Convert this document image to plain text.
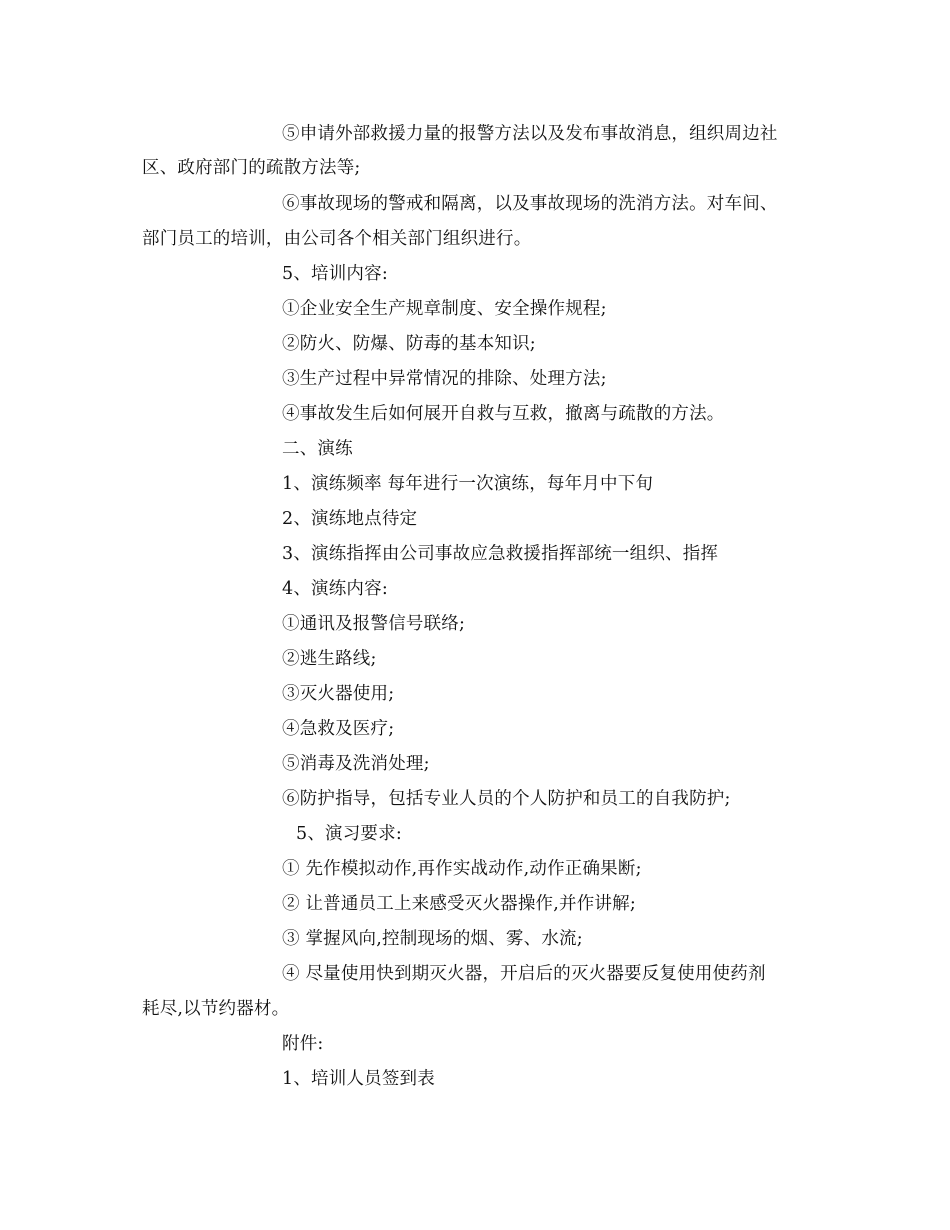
⑤申请外部救援力量的报警方法以及发布事故消息，组织周边社
区、政府部门的疏散方法等;
⑥事故现场的警戒和隔离，以及事故现场的洗消方法。对车间、
部门员工的培训，由公司各个相关部门组织进行。
5、培训内容:
①企业安全生产规章制度、安全操作规程;
②防火、防爆、防毒的基本知识;
③生产过程中异常情况的排除、处理方法;
④事故发生后如何展开自救与互救，撤离与疏散的方法。
二、演练
1、演练频率 每年进行一次演练，每年月中下旬
2、演练地点待定
3、演练指挥由公司事故应急救援指挥部统一组织、指挥
4、演练内容:
①通讯及报警信号联络;
②逃生路线;
③灭火器使用;
④急救及医疗;
⑤消毒及洗消处理;
⑥防护指导，包括专业人员的个人防护和员工的自我防护;
5、演习要求:
① 先作模拟动作,再作实战动作,动作正确果断;
② 让普通员工上来感受灭火器操作,并作讲解;
③ 掌握风向,控制现场的烟、雾、水流;
④ 尽量使用快到期灭火器，开启后的灭火器要反复使用使药剂
耗尽,以节约器材。
附件:
1、培训人员签到表
